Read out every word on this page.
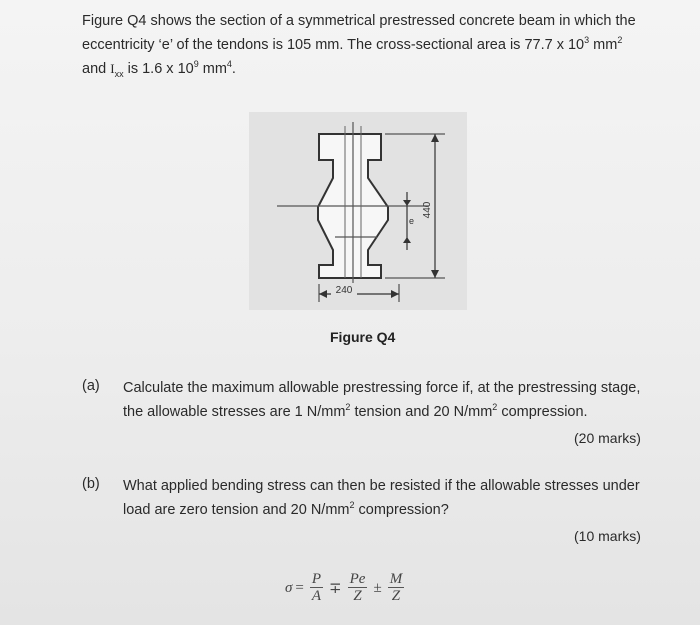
Figure Q4 shows the section of a symmetrical prestressed concrete beam in which the

eccentricity ‘e’ of the tendons is 105 mm. The cross-sectional area is 77.7 x $10^3$ $mm^2$

and $I_{xx}$ is 1.6 x $10^9$ $mm^4$.

e
440
240
Figure Q4
(a) Calculate the maximum allowable prestressing force if, at the prestressing stage,
the allowable stresses are 1 $N/mm^2$ tension and 20 $N/mm^2$ compression.
(20 marks)
(b) What applied bending stress can then be resisted if the allowable stresses under
load are zero tension and 20 $N/mm^2$ compression?
(10 marks)
$\sigma = \frac{P}{A} \mp \frac{Pe}{Z} \pm \frac{M}{Z}$
